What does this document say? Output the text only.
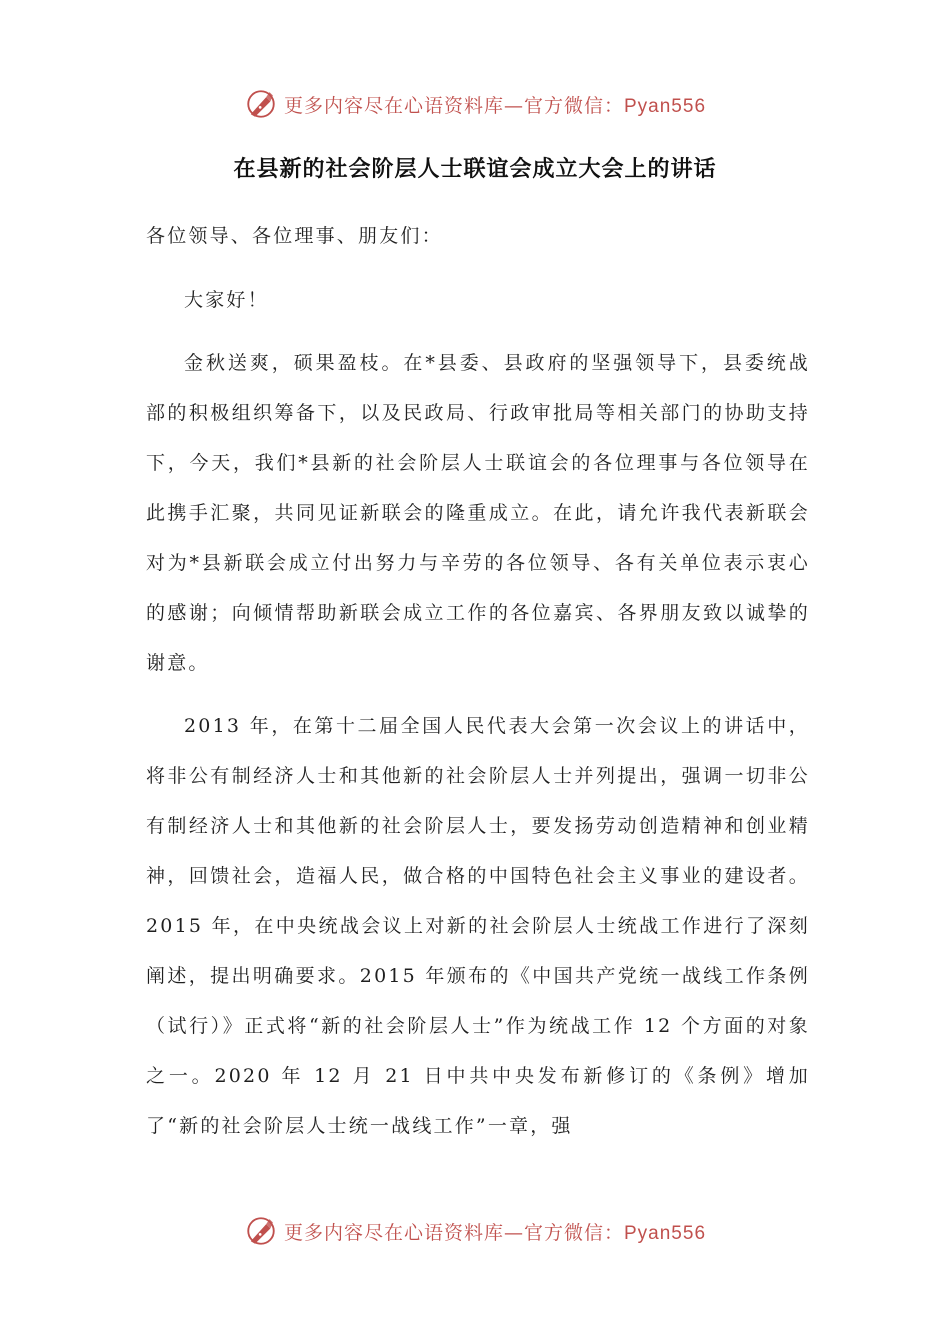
更多内容尽在心语资料库—官方微信：Pyan556
在县新的社会阶层人士联谊会成立大会上的讲话

各位领导、各位理事、朋友们：

大家好！

金秋送爽，硕果盈枝。在*县委、县政府的坚强领导下，县委统战部的积极组织筹备下，以及民政局、行政审批局等相关部门的协助支持下，今天，我们*县新的社会阶层人士联谊会的各位理事与各位领导在此携手汇聚，共同见证新联会的隆重成立。在此，请允许我代表新联会对为*县新联会成立付出努力与辛劳的各位领导、各有关单位表示衷心的感谢；向倾情帮助新联会成立工作的各位嘉宾、各界朋友致以诚挚的谢意。

2013 年，在第十二届全国人民代表大会第一次会议上的讲话中，将非公有制经济人士和其他新的社会阶层人士并列提出，强调一切非公有制经济人士和其他新的社会阶层人士，要发扬劳动创造精神和创业精神，回馈社会，造福人民，做合格的中国特色社会主义事业的建设者。2015 年，在中央统战会议上对新的社会阶层人士统战工作进行了深刻阐述，提出明确要求。2015 年颁布的《中国共产党统一战线工作条例（试行）》正式将“新的社会阶层人士”作为统战工作 12 个方面的对象之一。2020 年 12 月 21 日中共中央发布新修订的《条例》增加了“新的社会阶层人士统一战线工作”一章，强

更多内容尽在心语资料库—官方微信：Pyan556
